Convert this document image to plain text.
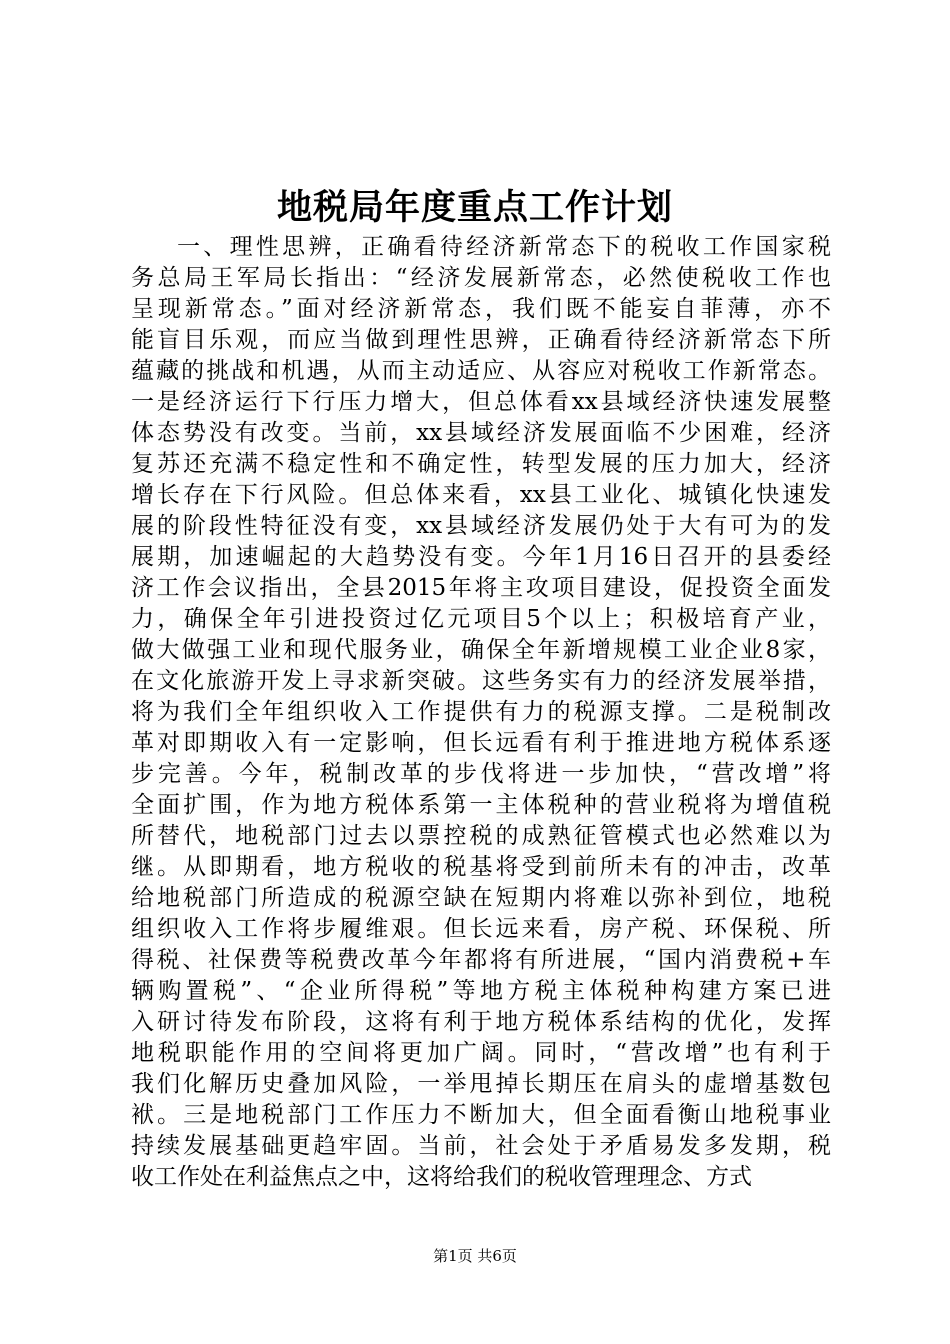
地税局年度重点工作计划
一、理性思辨，正确看待经济新常态下的税收工作国家税
务总局王军局长指出：“经济发展新常态，必然使税收工作也
呈现新常态。”面对经济新常态，我们既不能妄自菲薄，亦不
能盲目乐观，而应当做到理性思辨，正确看待经济新常态下所
蕴藏的挑战和机遇，从而主动适应、从容应对税收工作新常态。
一是经济运行下行压力增大，但总体看xx县域经济快速发展整
体态势没有改变。当前，xx县域经济发展面临不少困难，经济
复苏还充满不稳定性和不确定性，转型发展的压力加大，经济
增长存在下行风险。但总体来看，xx县工业化、城镇化快速发
展的阶段性特征没有变，xx县域经济发展仍处于大有可为的发
展期，加速崛起的大趋势没有变。今年1月16日召开的县委经
济工作会议指出，全县2015年将主攻项目建设，促投资全面发
力，确保全年引进投资过亿元项目5个以上；积极培育产业，
做大做强工业和现代服务业，确保全年新增规模工业企业8家，
在文化旅游开发上寻求新突破。这些务实有力的经济发展举措，
将为我们全年组织收入工作提供有力的税源支撑。二是税制改
革对即期收入有一定影响，但长远看有利于推进地方税体系逐
步完善。今年，税制改革的步伐将进一步加快，“营改增”将
全面扩围，作为地方税体系第一主体税种的营业税将为增值税
所替代，地税部门过去以票控税的成熟征管模式也必然难以为
继。从即期看，地方税收的税基将受到前所未有的冲击，改革
给地税部门所造成的税源空缺在短期内将难以弥补到位，地税
组织收入工作将步履维艰。但长远来看，房产税、环保税、所
得税、社保费等税费改革今年都将有所进展，“国内消费税+车
辆购置税”、“企业所得税”等地方税主体税种构建方案已进
入研讨待发布阶段，这将有利于地方税体系结构的优化，发挥
地税职能作用的空间将更加广阔。同时，“营改增”也有利于
我们化解历史叠加风险，一举甩掉长期压在肩头的虚增基数包
袱。三是地税部门工作压力不断加大，但全面看衡山地税事业
持续发展基础更趋牢固。当前，社会处于矛盾易发多发期，税
收工作处在利益焦点之中，这将给我们的税收管理理念、方式
第1页 共6页
